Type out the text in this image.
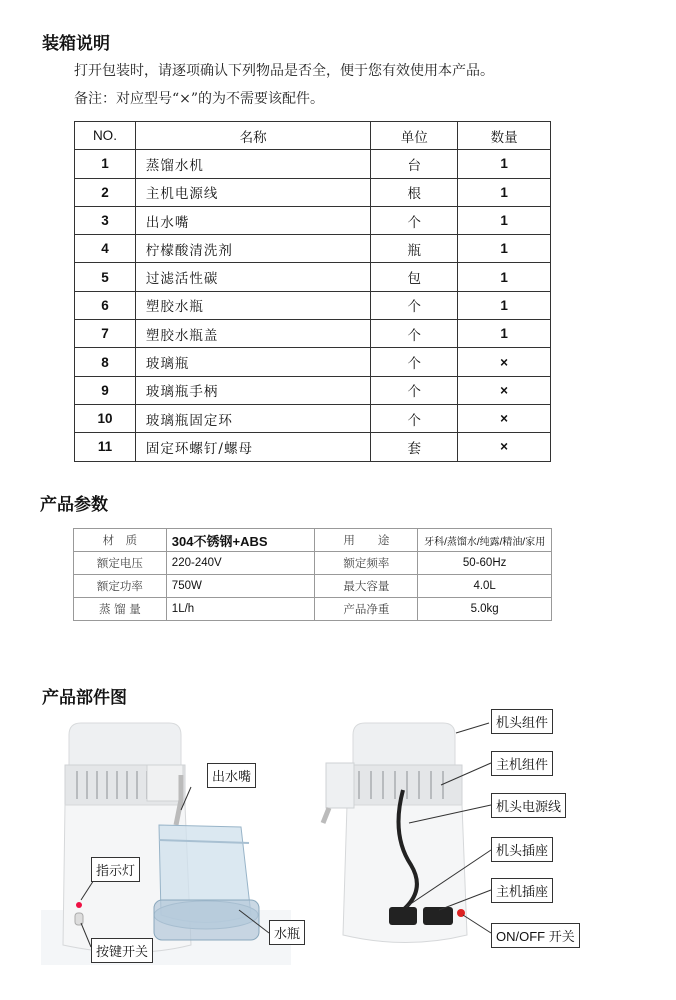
装箱说明
打开包装时，请逐项确认下列物品是否全，便于您有效使用本产品。
备注：对应型号“×”的为不需要该配件。
NO.	名称	单位	数量
1	蒸馏水机	台	1
2	主机电源线	根	1
3	出水嘴	个	1
4	柠檬酸清洗剂	瓶	1
5	过滤活性碳	包	1
6	塑胶水瓶	个	1
7	塑胶水瓶盖	个	1
8	玻璃瓶	个	×
9	玻璃瓶手柄	个	×
10	玻璃瓶固定环	个	×
11	固定环螺钉/螺母	套	×
产品参数
材　质	304不锈钢+ABS	用　　途	牙科/蒸馏水/纯露/精油/家用
额定电压	220-240V	额定频率	50-60Hz
额定功率	750W	最大容量	4.0L
蒸 馏 量	1L/h	产品净重	5.0kg
产品部件图
出水嘴
指示灯
水瓶
按键开关
机头组件
主机组件
机头电源线
机头插座
主机插座
ON/OFF 开关
